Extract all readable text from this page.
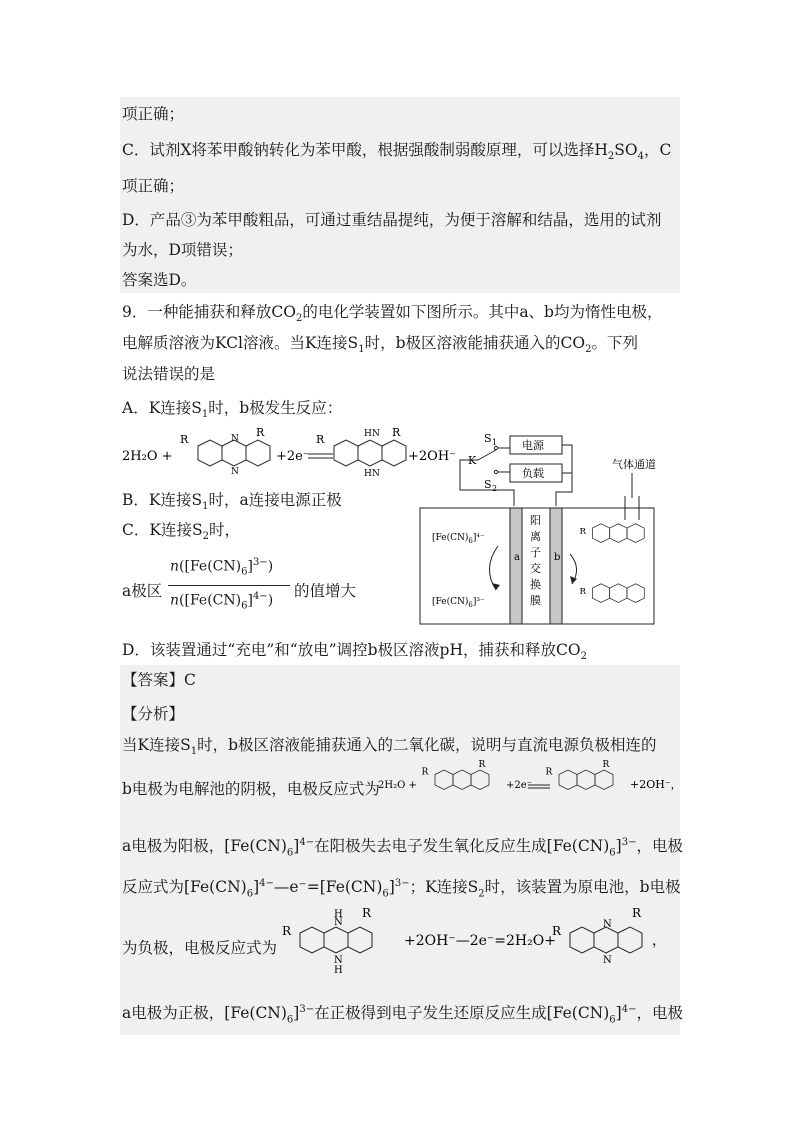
项正确；
C．试剂X将苯甲酸钠转化为苯甲酸，根据强酸制弱酸原理，可以选择$H_2SO_4$，C
项正确；
D．产品③为苯甲酸粗品，可通过重结晶提纯，为便于溶解和结晶，选用的试剂
为水，D项错误；
答案选D。
9．一种能捕获和释放$CO_2$的电化学装置如下图所示。其中a、b均为惰性电极，
电解质溶液为KCl溶液。当K连接$S_1$时，b极区溶液能捕获通入的$CO_2$。下列
说法错误的是
A．K连接$S_1$时，b极发生反应：
2H₂O +
R	N
N
R
+2e⁻
R	H N
H N
R
+2OH⁻
B．K连接$S_1$时，a连接电源正极
C．K连接$S_2$时，
a极区
$n([Fe(CN)_6]^{3-})$
$n([Fe(CN)_6]^{4-})$
的值增大
D．该装置通过“充电”和“放电”调控b极区溶液pH，捕获和释放$CO_2$
S 1
K
S 2
电源
负载
气体通道
a	b
阳
离
子
交
换
膜
$[Fe(CN)_6]^{4-}$
$[Fe(CN)_6]^{3-}$
R
R
【答案】C
【分析】
当K连接$S_1$时，b极区溶液能捕获通入的二氧化碳，说明与直流电源负极相连的
b电极为电解池的阴极，电极反应式为
2H₂O +
R
R
+2e⁻
R
R
+2OH⁻，
a电极为阳极，$[Fe(CN)_6]^{4-}$在阳极失去电子发生氧化反应生成$[Fe(CN)_6]^{3-}$，电极
反应式为$[Fe(CN)_6]^{4-}—e^-=[Fe(CN)_6]^{3-}$；K连接$S_2$时，该装置为原电池，b电极
为负极，电极反应式为
R
H
N
N
H
R
+2OH⁻—2e⁻=2H₂O+
R	N
N
R
，
a电极为正极，$[Fe(CN)_6]^{3-}$在正极得到电子发生还原反应生成$[Fe(CN)_6]^{4-}$，电极
